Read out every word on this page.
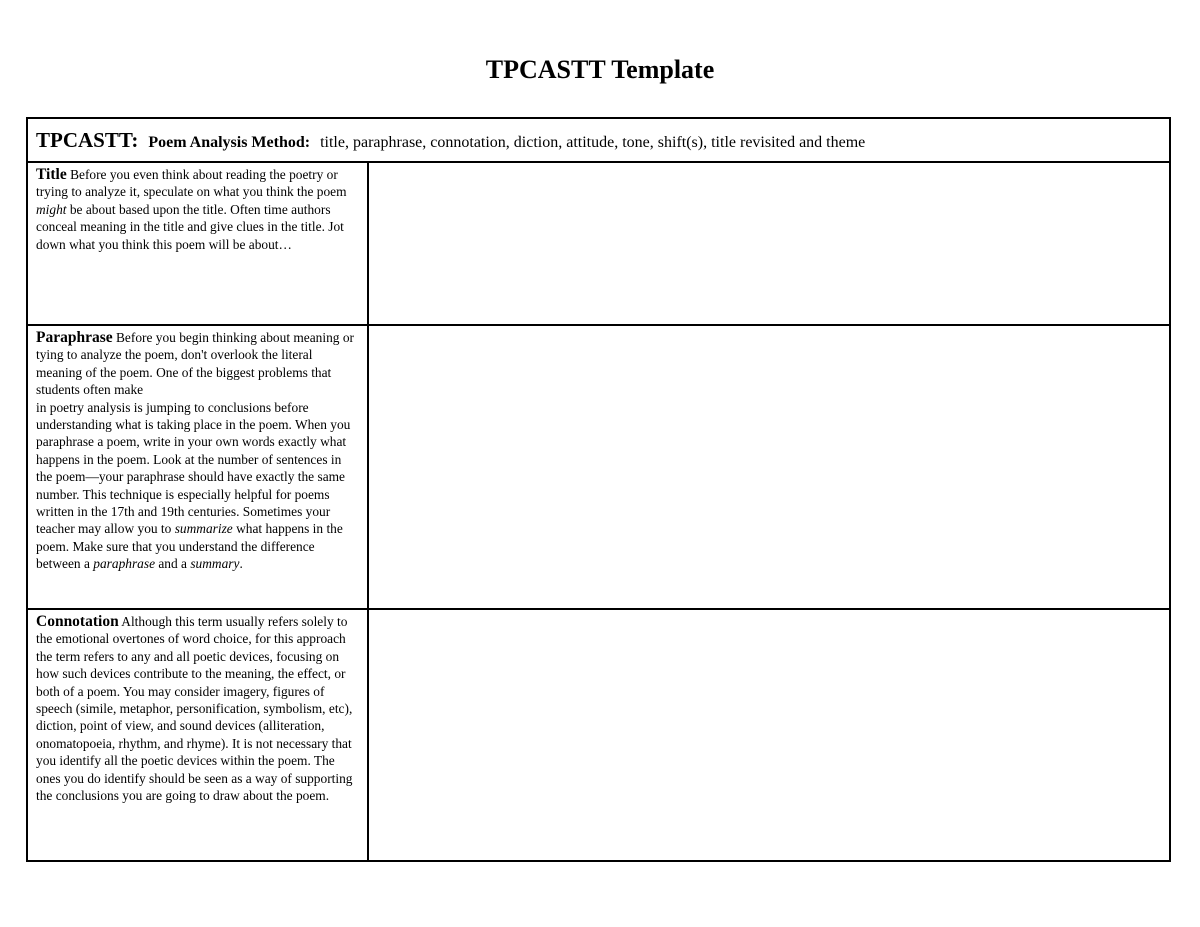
TPCASTT Template
TPCASTT: Poem Analysis Method: title, paraphrase, connotation, diction, attitude, tone, shift(s), title revisited and theme	
Title Before you even think about reading the poetry or trying to analyze it, speculate on what you think the poem might be about based upon the title. Often time authors conceal meaning in the title and give clues in the title. Jot down what you think this poem will be about…	
Paraphrase Before you begin thinking about meaning or tying to analyze the poem, don't overlook the literal meaning of the poem. One of the biggest problems that students often make
in poetry analysis is jumping to conclusions before understanding what is taking place in the poem. When you paraphrase a poem, write in your own words exactly what happens in the poem. Look at the number of sentences in the poem—your paraphrase should have exactly the same number. This technique is especially helpful for poems written in the 17th and 19th centuries. Sometimes your teacher may allow you to summarize what happens in the poem. Make sure that you understand the difference between a paraphrase and a summary.	
Connotation Although this term usually refers solely to the emotional overtones of word choice, for this approach the term refers to any and all poetic devices, focusing on how such devices contribute to the meaning, the effect, or both of a poem. You may consider imagery, figures of speech (simile, metaphor, personification, symbolism, etc), diction, point of view, and sound devices (alliteration, onomatopoeia, rhythm, and rhyme). It is not necessary that you identify all the poetic devices within the poem. The ones you do identify should be seen as a way of supporting the conclusions you are going to draw about the poem.	
